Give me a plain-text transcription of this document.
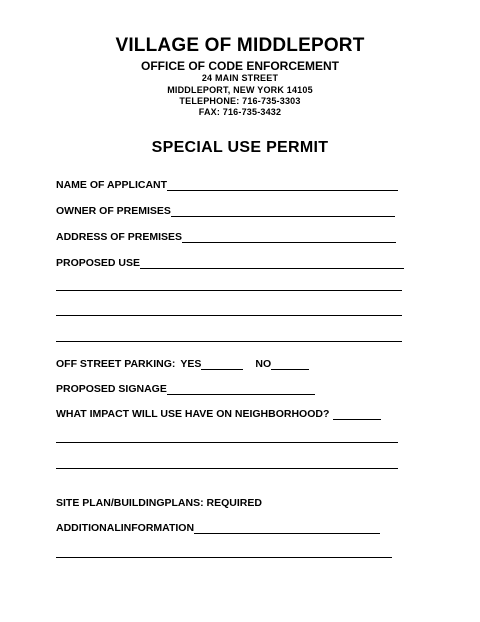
VILLAGE OF MIDDLEPORT
OFFICE OF CODE ENFORCEMENT
24 MAIN STREET
MIDDLEPORT, NEW YORK 14105
TELEPHONE: 716-735-3303
FAX: 716-735-3432
SPECIAL USE PERMIT
NAME OF APPLICANT
OWNER OF PREMISES
ADDRESS OF PREMISES
PROPOSED USE
OFF STREET PARKING: YES	NO
PROPOSED SIGNAGE
WHAT IMPACT WILL USE HAVE ON NEIGHBORHOOD?
SITE PLAN/BUILDINGPLANS: REQUIRED
ADDITIONALINFORMATION
